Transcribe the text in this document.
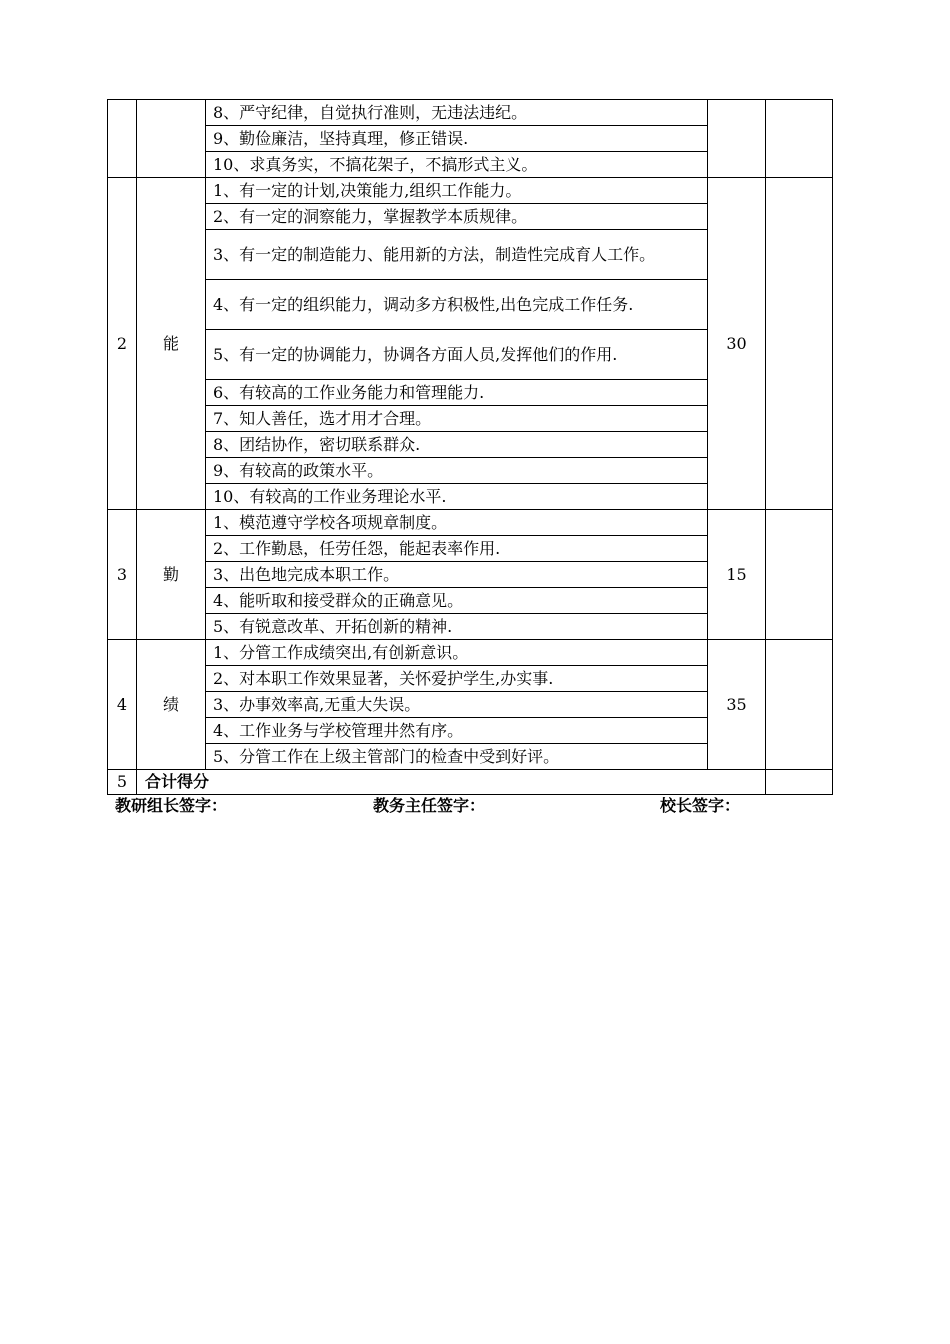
		8、严守纪律，自觉执行准则，无违法违纪。		
		9、勤俭廉洁，坚持真理，修正错误.		
		10、求真务实，不搞花架子，不搞形式主义。		
2	能	1、有一定的计划,决策能力,组织工作能力。	30	
		2、有一定的洞察能力，掌握教学本质规律。		
		3、有一定的制造能力、能用新的方法，制造性完成育人工作。		
		4、有一定的组织能力，调动多方积极性,出色完成工作任务.		
		5、有一定的协调能力，协调各方面人员,发挥他们的作用.		
		6、有较高的工作业务能力和管理能力.		
		7、知人善任，选才用才合理。		
		8、团结协作，密切联系群众.		
		9、有较高的政策水平。		
		10、有较高的工作业务理论水平.		
3	勤	1、模范遵守学校各项规章制度。	15	
		2、工作勤恳，任劳任怨，能起表率作用.		
		3、出色地完成本职工作。		
		4、能听取和接受群众的正确意见。		
		5、有锐意改革、开拓创新的精神.		
4	绩	1、分管工作成绩突出,有创新意识。	35	
		2、对本职工作效果显著，关怀爱护学生,办实事.		
		3、办事效率高,无重大失误。		
		4、工作业务与学校管理井然有序。		
		5、分管工作在上级主管部门的检查中受到好评。		
5	合计得分			
教研组长签字：	教务主任签字：	校长签字：
